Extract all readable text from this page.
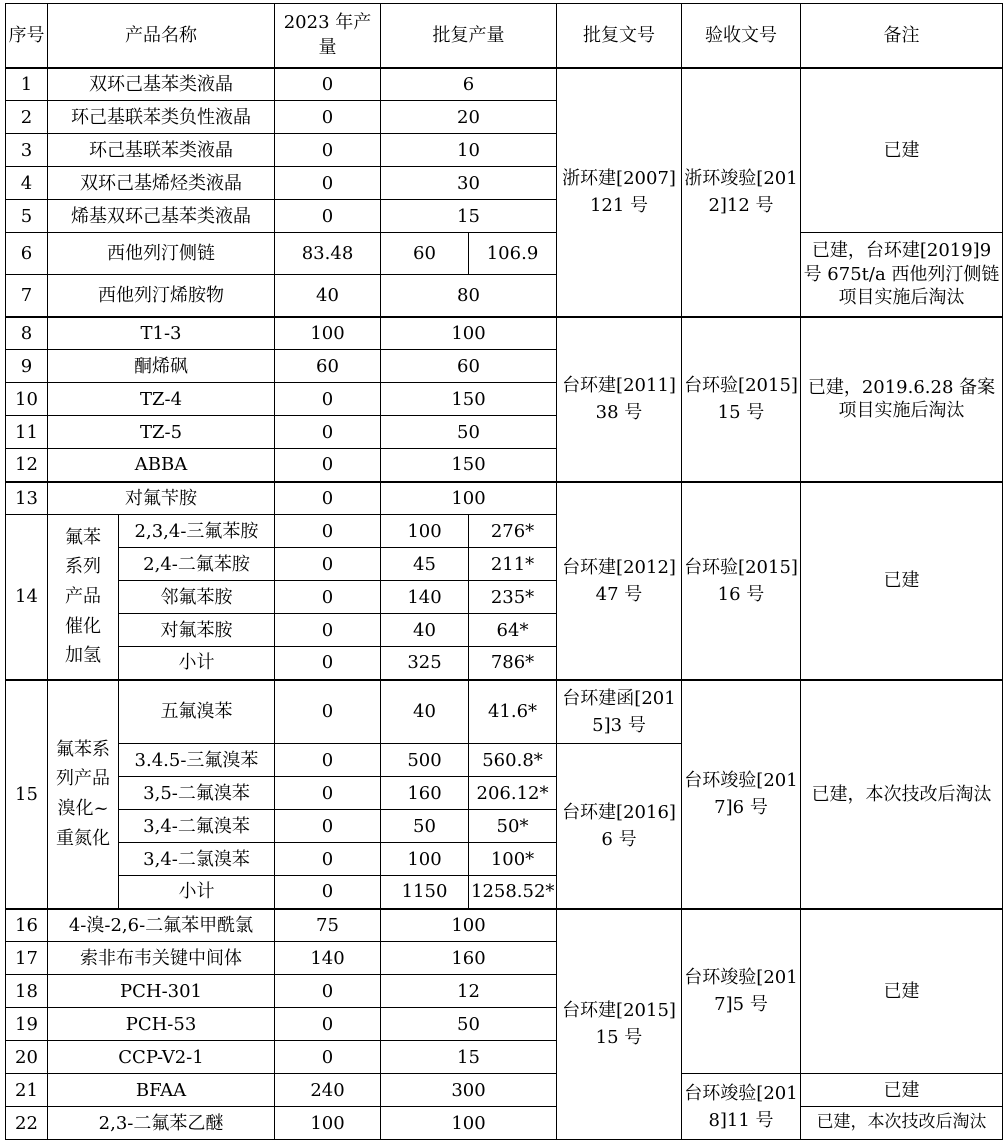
序号	产品名称		2023 年产量	批复产量		批复文号	验收文号	备注
1	双环己基苯类液晶		0	6		浙环建[2007]121 号	浙环竣验[2012]12 号	已建
2	环己基联苯类负性液晶		0	20				
3	环己基联苯类液晶		0	10				
4	双环己基烯烃类液晶		0	30				
5	烯基双环己基苯类液晶		0	15				
6	西他列汀侧链		83.48	60	106.9			已建，台环建[2019]9 号 675t/a 西他列汀侧链项目实施后淘汰
7	西他列汀烯胺物		40	80				
8	T1-3		100	100		台环建[2011]38 号	台环验[2015]15 号	已建，2019.6.28 备案项目实施后淘汰
9	酮烯砜		60	60				
10	TZ-4		0	150				
11	TZ-5		0	50				
12	ABBA		0	150				
13	对氟苄胺		0	100		台环建[2012]47 号	台环验[2015]16 号	已建
14	氟苯系列产品催化加氢	2,3,4-三氟苯胺	0	100	276*			
		2,4-二氟苯胺	0	45	211*			
		邻氟苯胺	0	140	235*			
		对氟苯胺	0	40	64*			
		小计	0	325	786*			
15	氟苯系列产品溴化~重氮化	五氟溴苯	0	40	41.6*	台环建函[2015]3 号	台环竣验[2017]6 号	已建，本次技改后淘汰
		3.4.5-三氟溴苯	0	500	560.8*	台环建[2016]6 号		
		3,5-二氟溴苯	0	160	206.12*			
		3,4-二氟溴苯	0	50	50*			
		3,4-二氯溴苯	0	100	100*			
		小计	0	1150	1258.52*			
16	4-溴-2,6-二氟苯甲酰氯		75	100		台环建[2015]15 号	台环竣验[2017]5 号	已建
17	索非布韦关键中间体		140	160				
18	PCH-301		0	12				
19	PCH-53		0	50				
20	CCP-V2-1		0	15				
21	BFAA		240	300			台环竣验[2018]11 号	已建
22	2,3-二氟苯乙醚		100	100				已建，本次技改后淘汰
